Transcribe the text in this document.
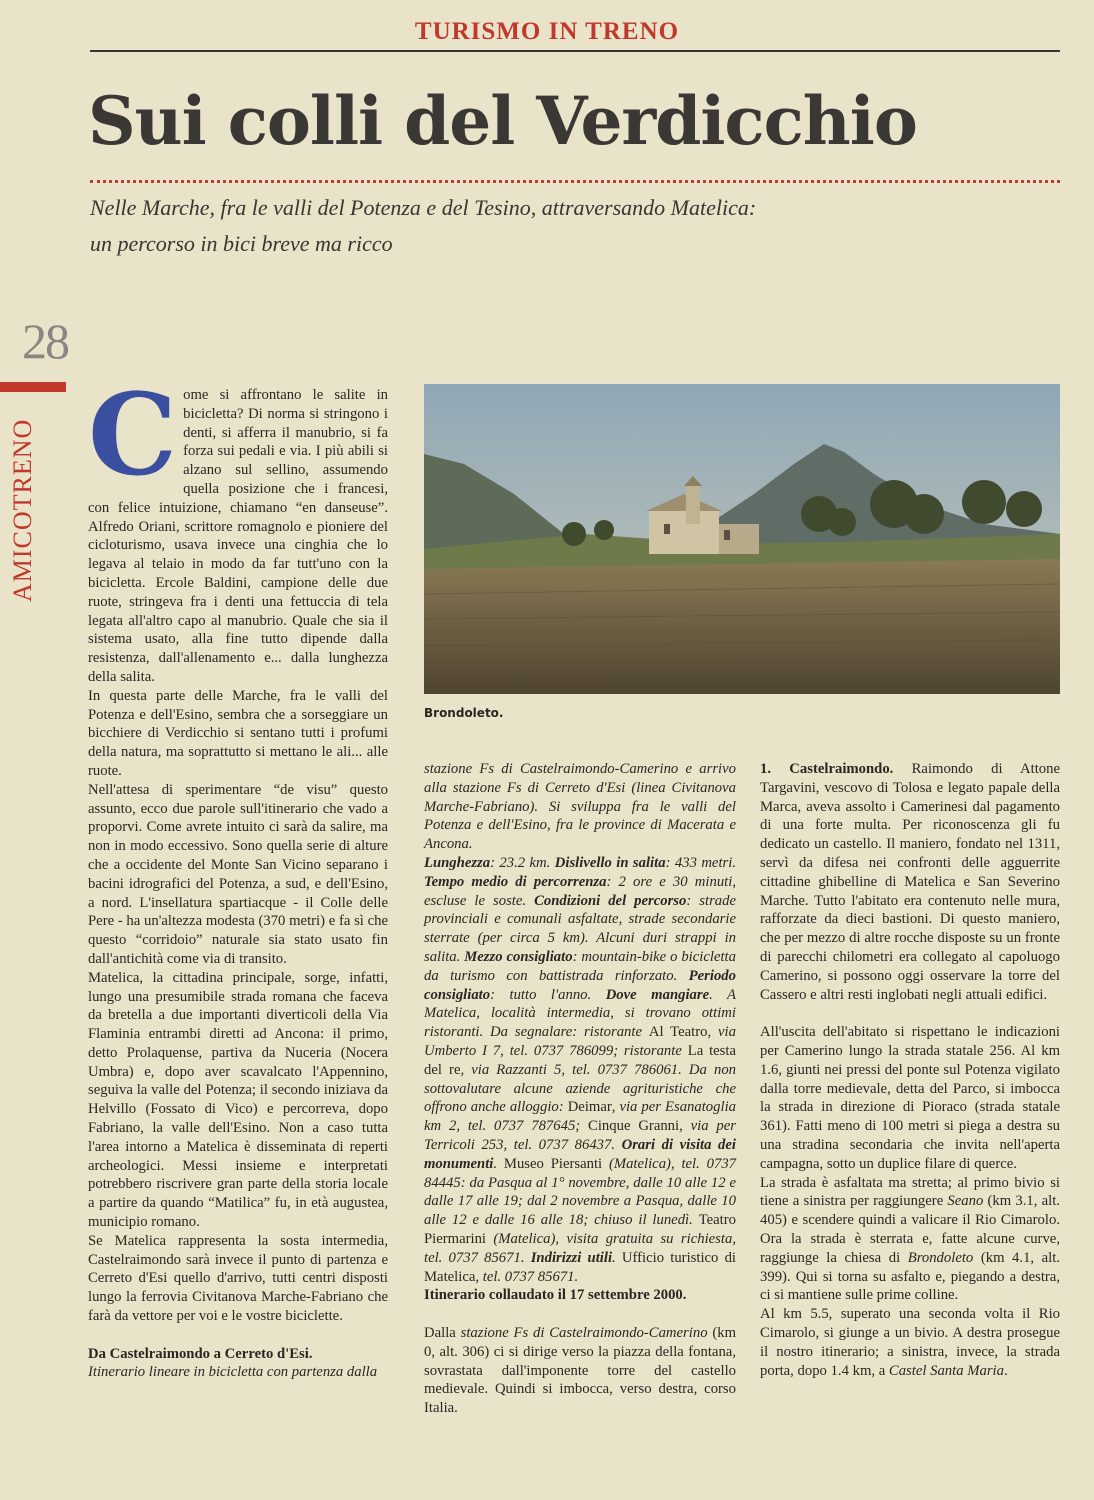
TURISMO IN TRENO
Sui colli del Verdicchio
Nelle Marche, fra le valli del Potenza e del Tesino, attraversando Matelica:
un percorso in bici breve ma ricco
28
AMICOTRENO
Brondoleto.

Come si affrontano le salite in bicicletta? Di norma si stringono i denti, si afferra il manubrio, si fa forza sui pedali e via. I più abili si alzano sul sellino, assumendo quella posizione che i francesi, con felice intuizione, chiamano “en danseuse”. Alfredo Oriani, scrittore romagnolo e pioniere del cicloturismo, usava invece una cinghia che lo legava al telaio in modo da far tutt'uno con la bicicletta. Ercole Baldini, campione delle due ruote, stringeva fra i denti una fettuccia di tela legata all'altro capo al manubrio. Quale che sia il sistema usato, alla fine tutto dipende dalla resistenza, dall'allenamento e... dalla lunghezza della salita.

In questa parte delle Marche, fra le valli del Potenza e dell'Esino, sembra che a sorseggiare un bicchiere di Verdicchio si sentano tutti i profumi della natura, ma soprattutto si mettano le ali... alle ruote.

Nell'attesa di sperimentare “de visu” questo assunto, ecco due parole sull'itinerario che vado a proporvi. Come avrete intuito ci sarà da salire, ma non in modo eccessivo. Sono quella serie di alture che a occidente del Monte San Vicino separano i bacini idrografici del Potenza, a sud, e dell'Esino, a nord. L'insellatura spartiacque - il Colle delle Pere - ha un'altezza modesta (370 metri) e fa sì che questo “corridoio” naturale sia stato usato fin dall'antichità come via di transito.

Matelica, la cittadina principale, sorge, infatti, lungo una presumibile strada romana che faceva da bretella a due importanti diverticoli della Via Flaminia entrambi diretti ad Ancona: il primo, detto Prolaquense, partiva da Nuceria (Nocera Umbra) e, dopo aver scavalcato l'Appennino, seguiva la valle del Potenza; il secondo iniziava da Helvillo (Fossato di Vico) e percorreva, dopo Fabriano, la valle dell'Esino. Non a caso tutta l'area intorno a Matelica è disseminata di reperti archeologici. Messi insieme e interpretati potrebbero riscrivere gran parte della storia locale a partire da quando “Matilica” fu, in età augustea, municipio romano.

Se Matelica rappresenta la sosta intermedia, Castelraimondo sarà invece il punto di partenza e Cerreto d'Esi quello d'arrivo, tutti centri disposti lungo la ferrovia Civitanova Marche-Fabriano che farà da vettore per voi e le vostre biciclette.

Da Castelraimondo a Cerreto d'Esi.

Itinerario lineare in bicicletta con partenza dalla

stazione Fs di Castelraimondo-Camerino e arrivo alla stazione Fs di Cerreto d'Esi (linea Civitanova Marche-Fabriano). Si sviluppa fra le valli del Potenza e dell'Esino, fra le province di Macerata e Ancona.

Lunghezza: 23.2 km. Dislivello in salita: 433 metri. Tempo medio di percorrenza: 2 ore e 30 minuti, escluse le soste. Condizioni del percorso: strade provinciali e comunali asfaltate, strade secondarie sterrate (per circa 5 km). Alcuni duri strappi in salita. Mezzo consigliato: mountain-bike o bicicletta da turismo con battistrada rinforzato. Periodo consigliato: tutto l'anno. Dove mangiare. A Matelica, località intermedia, si trovano ottimi ristoranti. Da segnalare: ristorante Al Teatro, via Umberto I 7, tel. 0737 786099; ristorante La testa del re, via Razzanti 5, tel. 0737 786061. Da non sottovalutare alcune aziende agrituristiche che offrono anche alloggio: Deimar, via per Esanatoglia km 2, tel. 0737 787645; Cinque Granni, via per Terricoli 253, tel. 0737 86437. Orari di visita dei monumenti. Museo Piersanti (Matelica), tel. 0737 84445: da Pasqua al 1° novembre, dalle 10 alle 12 e dalle 17 alle 19; dal 2 novembre a Pasqua, dalle 10 alle 12 e dalle 16 alle 18; chiuso il lunedì. Teatro Piermarini (Matelica), visita gratuita su richiesta, tel. 0737 85671. Indirizzi utili. Ufficio turistico di Matelica, tel. 0737 85671.

Itinerario collaudato il 17 settembre 2000.

Dalla stazione Fs di Castelraimondo-Camerino (km 0, alt. 306) ci si dirige verso la piazza della fontana, sovrastata dall'imponente torre del castello medievale. Quindi si imbocca, verso destra, corso Italia.

1. Castelraimondo. Raimondo di Attone Targavini, vescovo di Tolosa e legato papale della Marca, aveva assolto i Camerinesi dal pagamento di una forte multa. Per riconoscenza gli fu dedicato un castello. Il maniero, fondato nel 1311, servì da difesa nei confronti delle agguerrite cittadine ghibelline di Matelica e San Severino Marche. Tutto l'abitato era contenuto nelle mura, rafforzate da dieci bastioni. Di questo maniero, che per mezzo di altre rocche disposte su un fronte di parecchi chilometri era collegato al capoluogo Camerino, si possono oggi osservare la torre del Cassero e altri resti inglobati negli attuali edifici.

All'uscita dell'abitato si rispettano le indicazioni per Camerino lungo la strada statale 256. Al km 1.6, giunti nei pressi del ponte sul Potenza vigilato dalla torre medievale, detta del Parco, si imbocca la strada in direzione di Pioraco (strada statale 361). Fatti meno di 100 metri si piega a destra su una stradina secondaria che invita nell'aperta campagna, sotto un duplice filare di querce.

La strada è asfaltata ma stretta; al primo bivio si tiene a sinistra per raggiungere Seano (km 3.1, alt. 405) e scendere quindi a valicare il Rio Cimarolo. Ora la strada è sterrata e, fatte alcune curve, raggiunge la chiesa di Brondoleto (km 4.1, alt. 399). Qui si torna su asfalto e, piegando a destra, ci si mantiene sulle prime colline.

Al km 5.5, superato una seconda volta il Rio Cimarolo, si giunge a un bivio. A destra prosegue il nostro itinerario; a sinistra, invece, la strada porta, dopo 1.4 km, a Castel Santa Maria.
